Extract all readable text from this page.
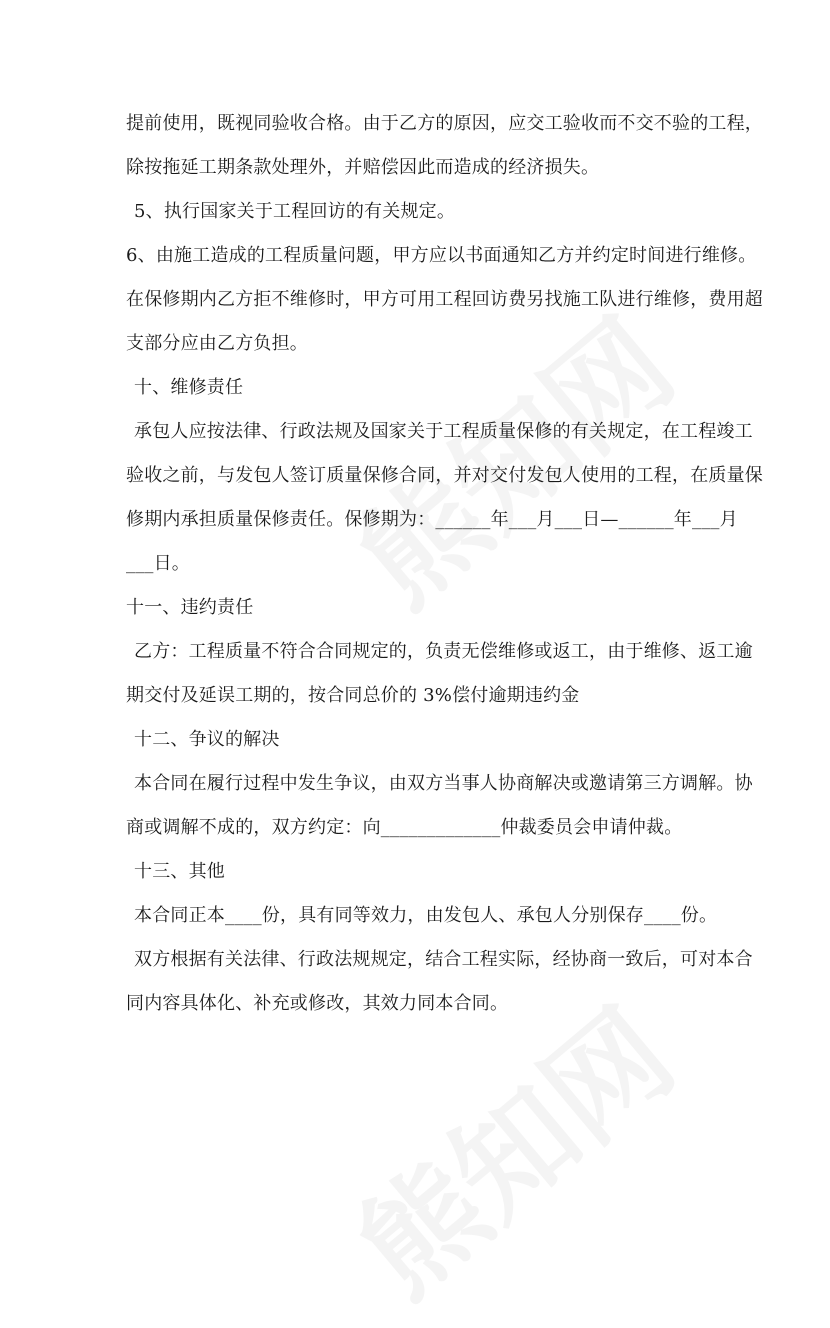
提前使用，既视同验收合格。由于乙方的原因，应交工验收而不交不验的工程，
除按拖延工期条款处理外，并赔偿因此而造成的经济损失。
5、执行国家关于工程回访的有关规定。
6、由施工造成的工程质量问题，甲方应以书面通知乙方并约定时间进行维修。
在保修期内乙方拒不维修时，甲方可用工程回访费另找施工队进行维修，费用超
支部分应由乙方负担。
十、维修责任
承包人应按法律、行政法规及国家关于工程质量保修的有关规定，在工程竣工
验收之前，与发包人签订质量保修合同，并对交付发包人使用的工程，在质量保
修期内承担质量保修责任。保修期为：______年___月___日—______年___月
___日。
十一、违约责任
乙方：工程质量不符合合同规定的，负责无偿维修或返工，由于维修、返工逾
期交付及延误工期的，按合同总价的 3%偿付逾期违约金
十二、争议的解决
本合同在履行过程中发生争议，由双方当事人协商解决或邀请第三方调解。协
商或调解不成的，双方约定：向_____________仲裁委员会申请仲裁。
十三、其他
本合同正本____份，具有同等效力，由发包人、承包人分别保存____份。
双方根据有关法律、行政法规规定，结合工程实际，经协商一致后，可对本合
同内容具体化、补充或修改，其效力同本合同。
